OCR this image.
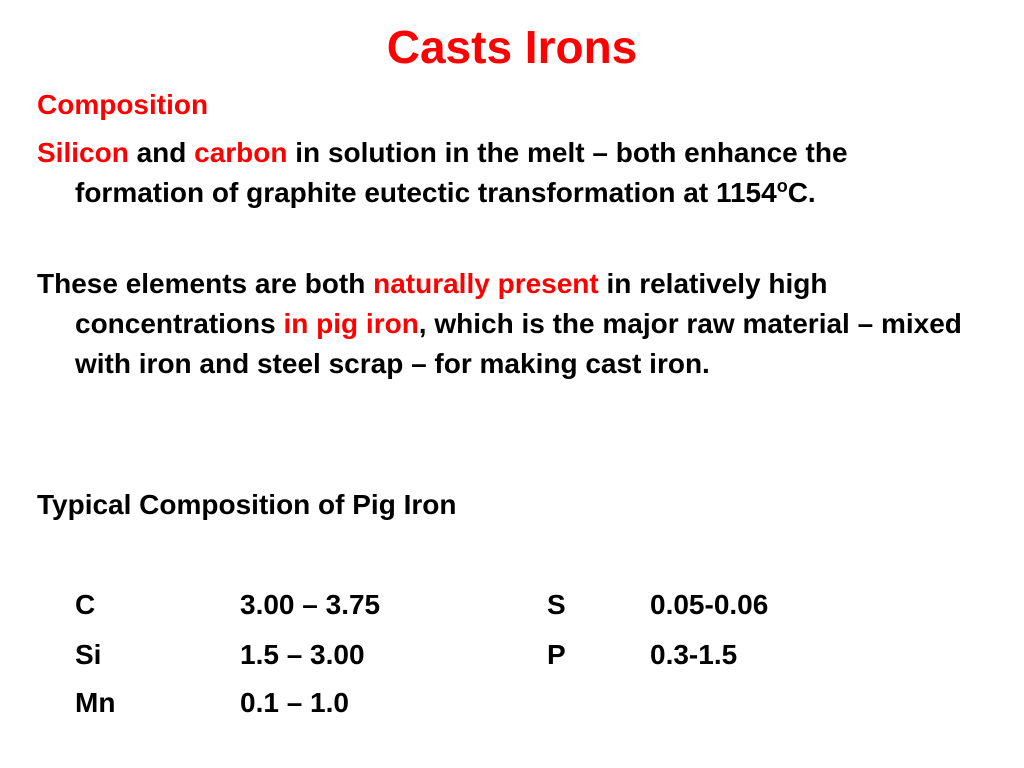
Casts Irons
Composition
Silicon and carbon in solution in the melt – both enhance the formation of graphite eutectic transformation at 1154$^o$C.
These elements are both naturally present in relatively high concentrations in pig iron, which is the major raw material – mixed with iron and steel scrap – for making cast iron.
Typical Composition of Pig Iron
C	3.00 – 3.75	S	0.05-0.06
Si	1.5 – 3.00	P	0.3-1.5
Mn	0.1 – 1.0
